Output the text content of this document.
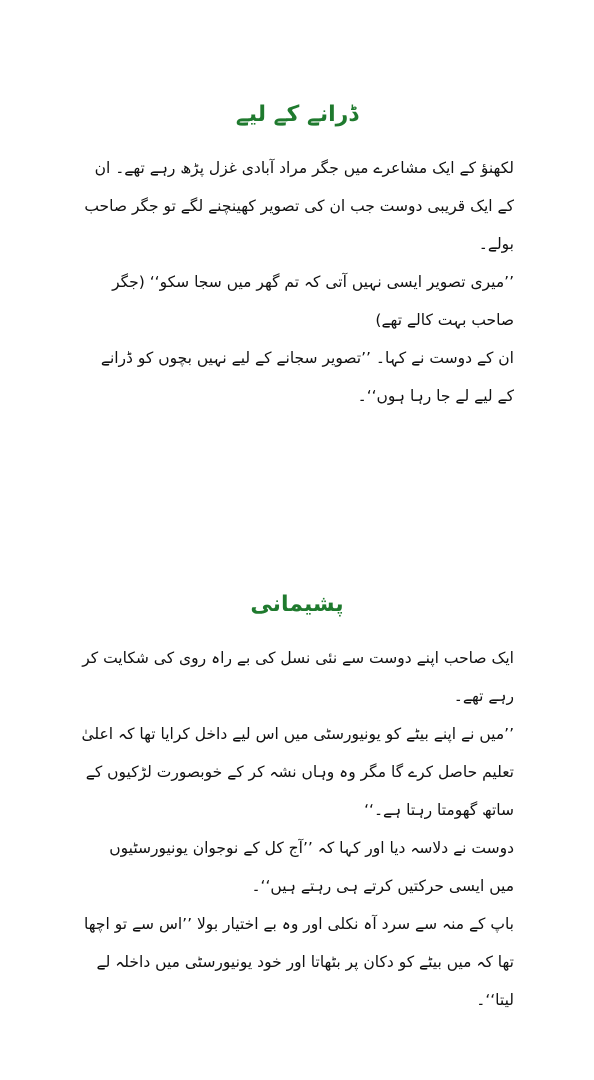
ڈرانے کے لیے

لکھنؤ کے ایک مشاعرے میں جگر مراد آبادی غزل پڑھ رہے تھے۔ ان کے ایک قریبی دوست جب ان کی تصویر کھینچنے لگے تو جگر صاحب بولے۔

’’میری تصویر ایسی نہیں آتی کہ تم گھر میں سجا سکو‘‘ (جگر صاحب بہت کالے تھے)

ان کے دوست نے کہا۔ ’’تصویر سجانے کے لیے نہیں بچوں کو ڈرانے کے لیے لے جا رہا ہوں‘‘۔

پشیمانی

ایک صاحب اپنے دوست سے نئی نسل کی بے راہ روی کی شکایت کر رہے تھے۔

’’میں نے اپنے بیٹے کو یونیورسٹی میں اس لیے داخل کرایا تھا کہ اعلیٰ تعلیم حاصل کرے گا مگر وہ وہاں نشہ کر کے خوبصورت لڑکیوں کے ساتھ گھومتا رہتا ہے۔‘‘

دوست نے دلاسہ دیا اور کہا کہ ’’آج کل کے نوجوان یونیورسٹیوں میں ایسی حرکتیں کرتے ہی رہتے ہیں‘‘۔

باپ کے منہ سے سرد آہ نکلی اور وہ بے اختیار بولا ’’اس سے تو اچھا تھا کہ میں بیٹے کو دکان پر بٹھاتا اور خود یونیورسٹی میں داخلہ لے لیتا‘‘۔
